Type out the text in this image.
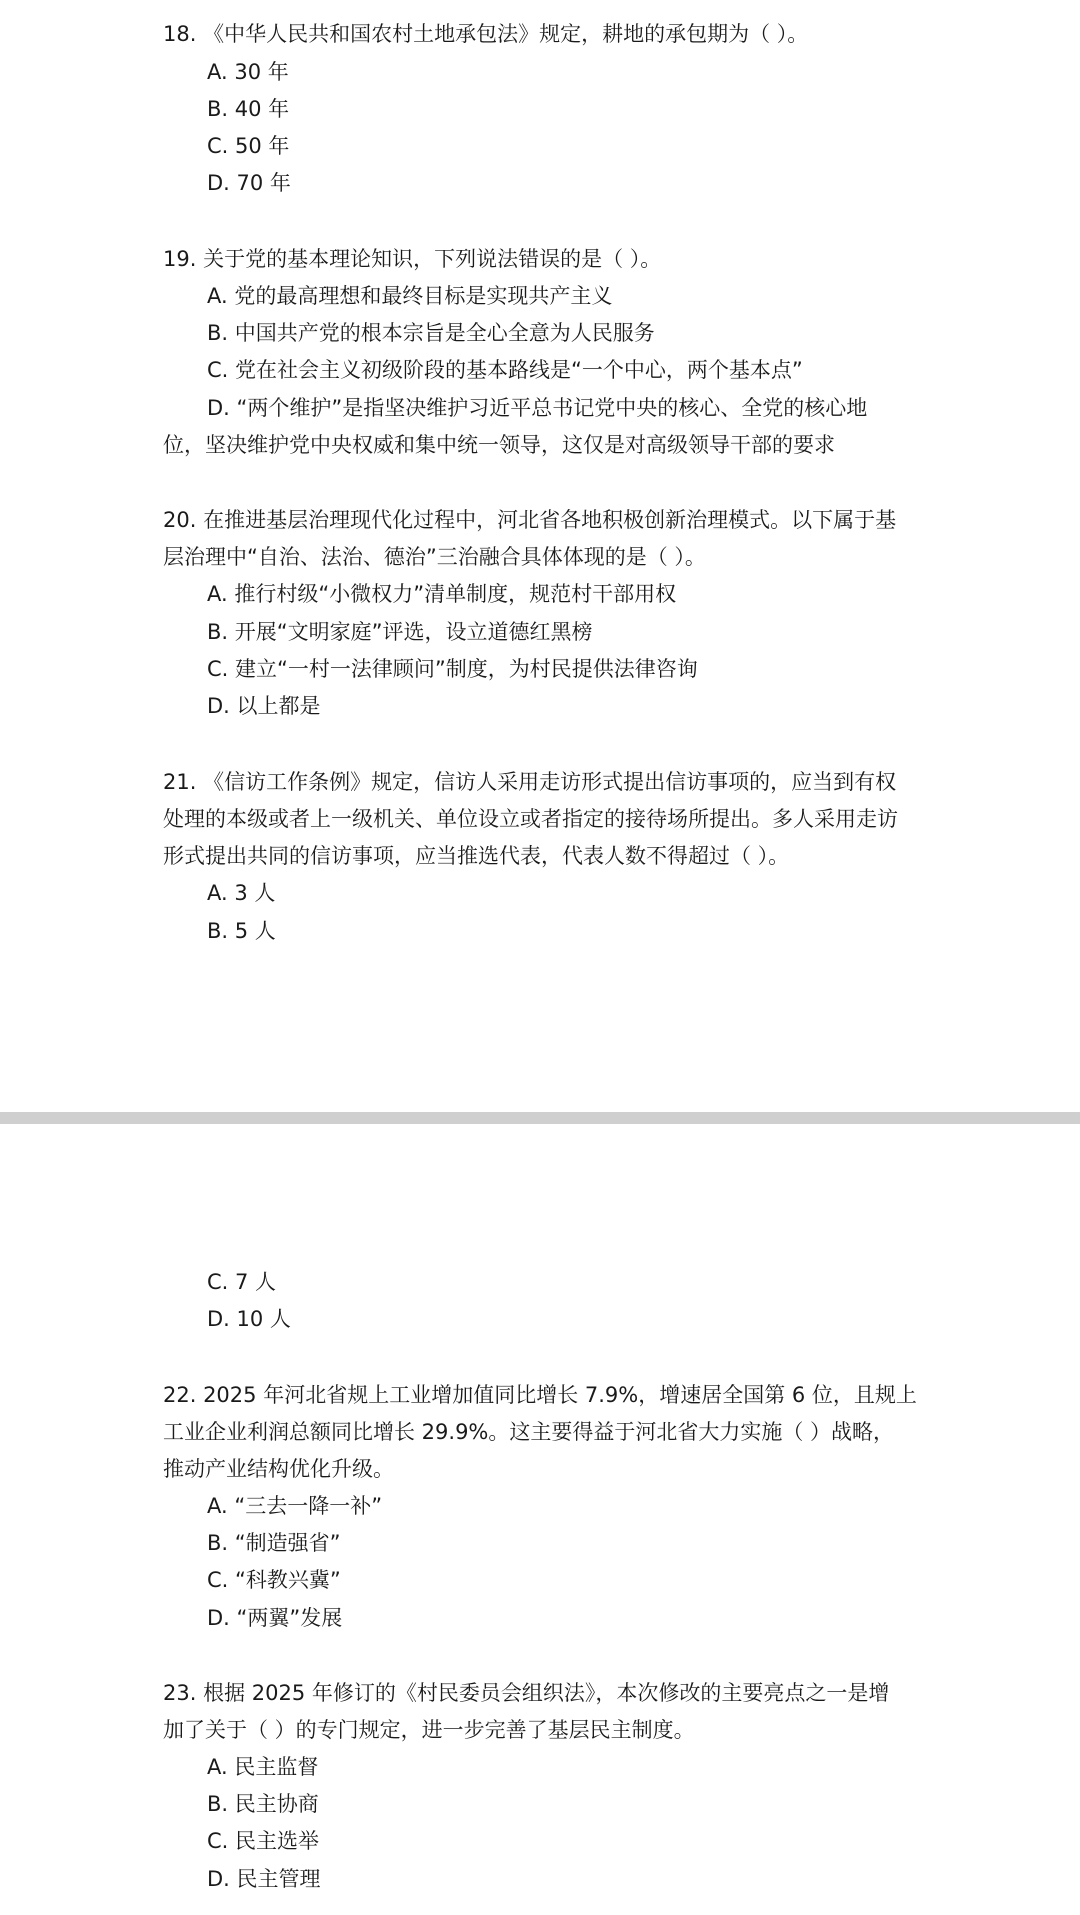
18. 《中华人民共和国农村土地承包法》规定，耕地的承包期为（ ）。
A. 30 年
B. 40 年
C. 50 年
D. 70 年
19. 关于党的基本理论知识，下列说法错误的是（ ）。
A. 党的最高理想和最终目标是实现共产主义
B. 中国共产党的根本宗旨是全心全意为人民服务
C. 党在社会主义初级阶段的基本路线是“一个中心，两个基本点”
D. “两个维护”是指坚决维护习近平总书记党中央的核心、全党的核心地
位，坚决维护党中央权威和集中统一领导，这仅是对高级领导干部的要求
20. 在推进基层治理现代化过程中，河北省各地积极创新治理模式。以下属于基
层治理中“自治、法治、德治”三治融合具体体现的是（ ）。
A. 推行村级“小微权力”清单制度，规范村干部用权
B. 开展“文明家庭”评选，设立道德红黑榜
C. 建立“一村一法律顾问”制度，为村民提供法律咨询
D. 以上都是
21. 《信访工作条例》规定，信访人采用走访形式提出信访事项的，应当到有权
处理的本级或者上一级机关、单位设立或者指定的接待场所提出。多人采用走访
形式提出共同的信访事项，应当推选代表，代表人数不得超过（ ）。
A. 3 人
B. 5 人
C. 7 人
D. 10 人
22. 2025 年河北省规上工业增加值同比增长 7.9%，增速居全国第 6 位，且规上
工业企业利润总额同比增长 29.9%。这主要得益于河北省大力实施（ ）战略，
推动产业结构优化升级。
A. “三去一降一补”
B. “制造强省”
C. “科教兴冀”
D. “两翼”发展
23. 根据 2025 年修订的《村民委员会组织法》，本次修改的主要亮点之一是增
加了关于（ ）的专门规定，进一步完善了基层民主制度。
A. 民主监督
B. 民主协商
C. 民主选举
D. 民主管理
